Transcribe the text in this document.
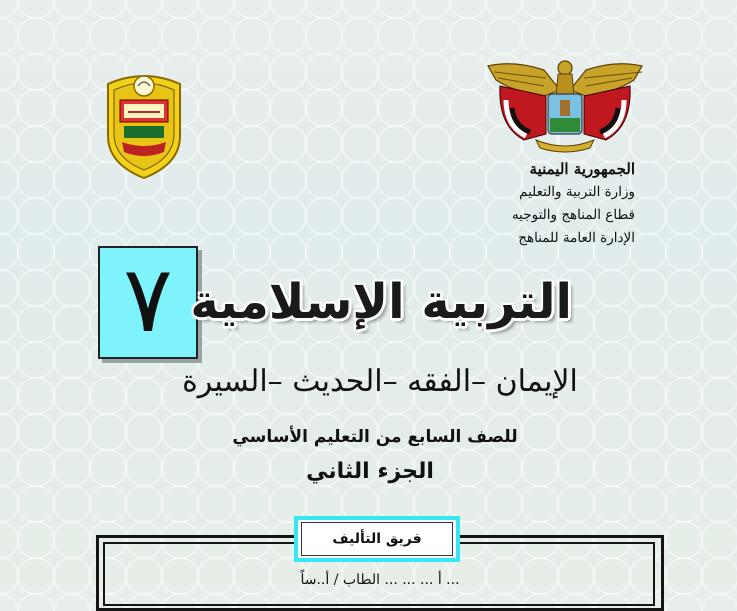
الجمهورية اليمنية
وزارة التربية والتعليم
قطاع المناهج والتوجيه
الإدارة العامة للمناهج
٧ التربية الإسلامية
الإيمان –الفقه –الحديث –السيرة
للصف السابع من التعليم الأساسي
الجزء الثاني
... أ ... ... ... الطاب / أ..ساً
فريق التأليف
